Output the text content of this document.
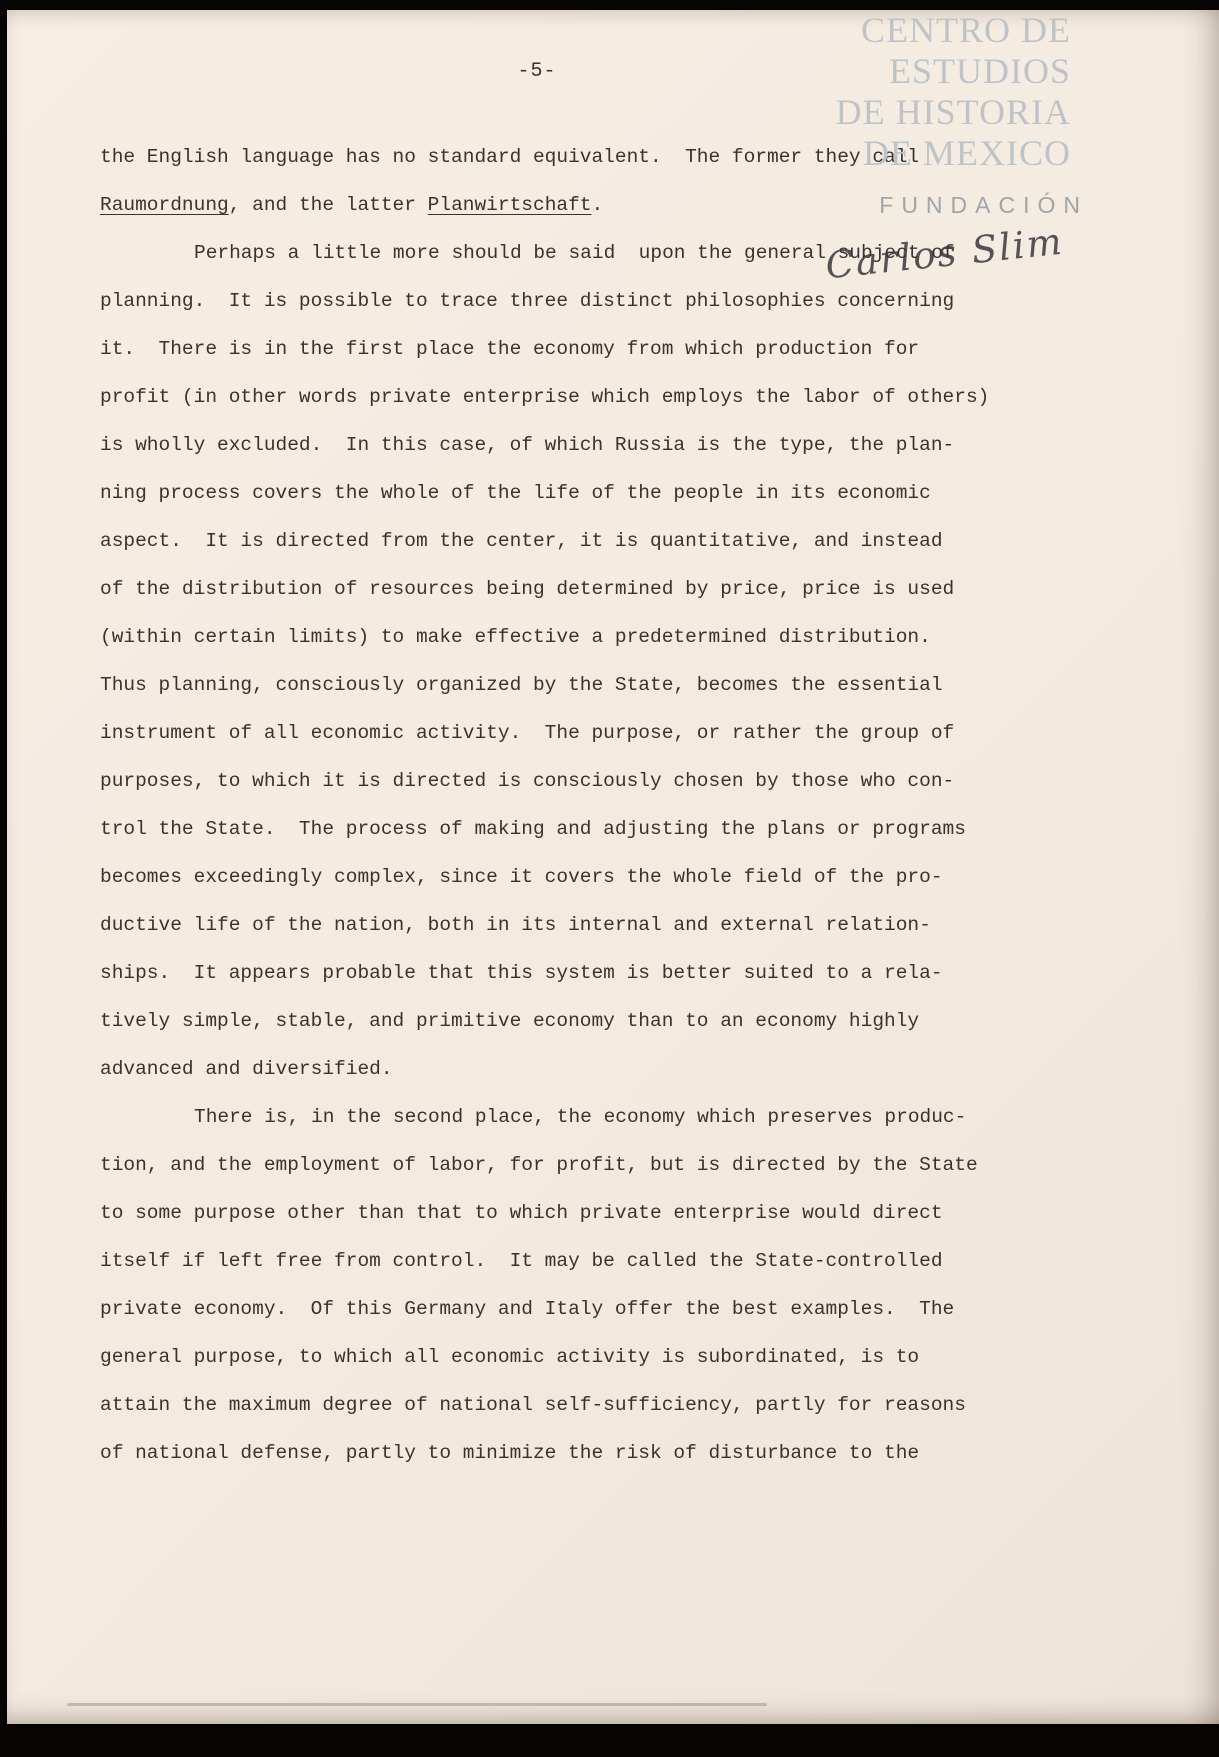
-5-
CENTRO DE
ESTUDIOS
DE HISTORIA
DE MEXICO
FUNDACIÓN
Carlos Slim
the English language has no standard equivalent.  The former they call
Raumordnung, and the latter Planwirtschaft.
Perhaps a little more should be said  upon the general subject of
planning.  It is possible to trace three distinct philosophies concerning
it.  There is in the first place the economy from which production for
profit (in other words private enterprise which employs the labor of others)
is wholly excluded.  In this case, of which Russia is the type, the plan-
ning process covers the whole of the life of the people in its economic
aspect.  It is directed from the center, it is quantitative, and instead
of the distribution of resources being determined by price, price is used
(within certain limits) to make effective a predetermined distribution.
Thus planning, consciously organized by the State, becomes the essential
instrument of all economic activity.  The purpose, or rather the group of
purposes, to which it is directed is consciously chosen by those who con-
trol the State.  The process of making and adjusting the plans or programs
becomes exceedingly complex, since it covers the whole field of the pro-
ductive life of the nation, both in its internal and external relation-
ships.  It appears probable that this system is better suited to a rela-
tively simple, stable, and primitive economy than to an economy highly
advanced and diversified.
There is, in the second place, the economy which preserves produc-
tion, and the employment of labor, for profit, but is directed by the State
to some purpose other than that to which private enterprise would direct
itself if left free from control.  It may be called the State-controlled
private economy.  Of this Germany and Italy offer the best examples.  The
general purpose, to which all economic activity is subordinated, is to
attain the maximum degree of national self-sufficiency, partly for reasons
of national defense, partly to minimize the risk of disturbance to the
